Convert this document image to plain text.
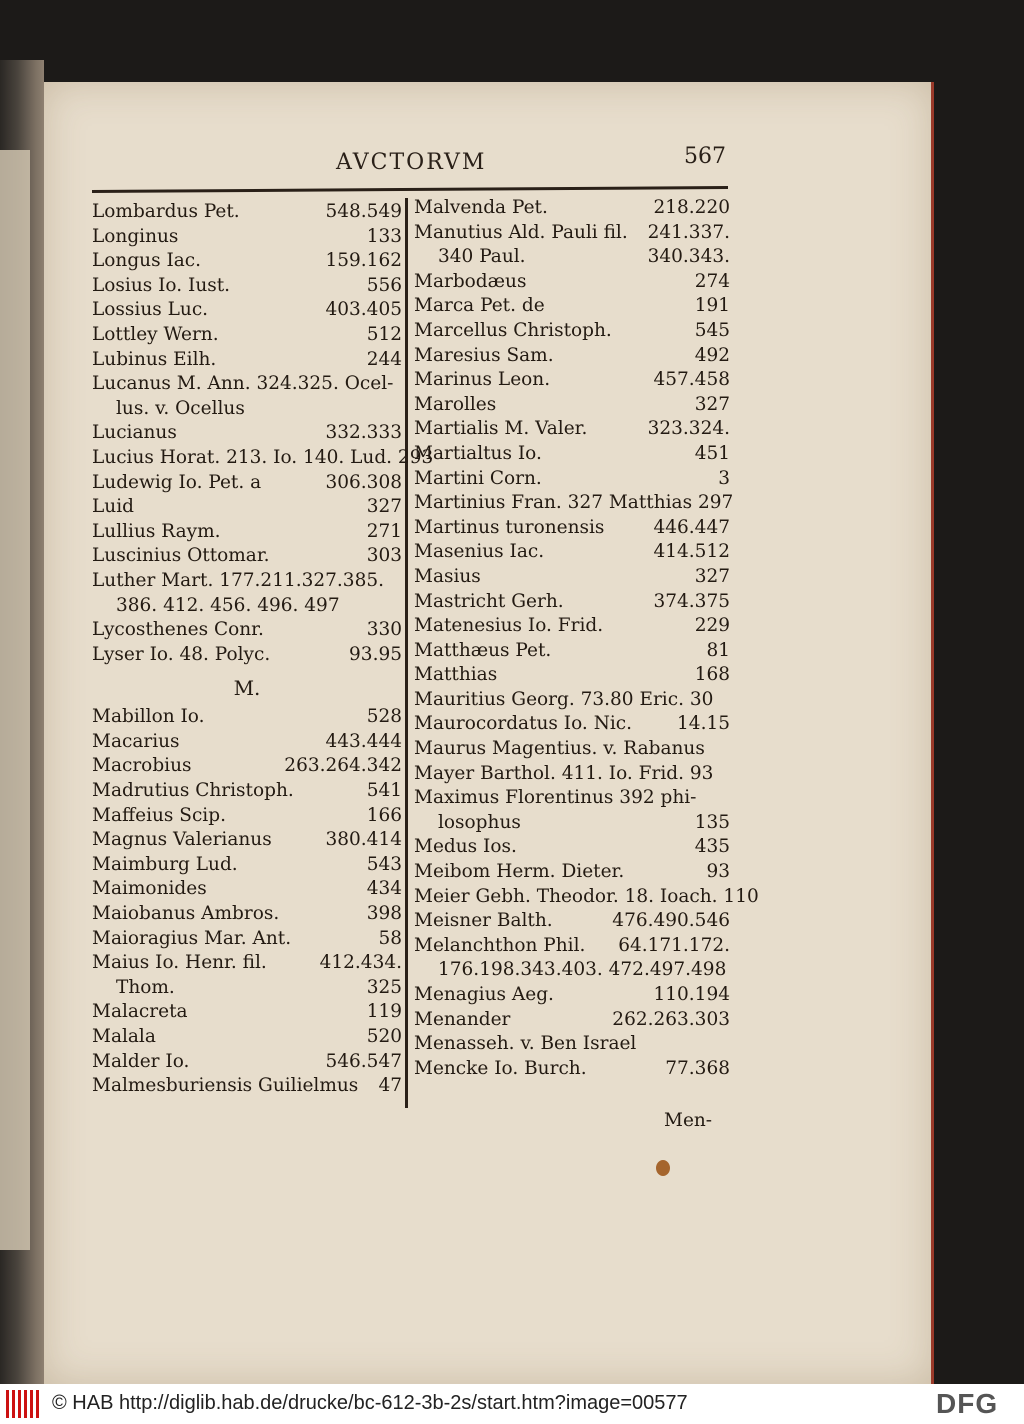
AVCTORVM	567
Lombardus Pet.	548.549
Longinus	133
Longus Iac.	159.162
Losius Io. Iust.	556
Lossius Luc.	403.405
Lottley Wern.	512
Lubinus Eilh.	244
Lucanus M. Ann. 324.325. Ocel-
lus. v. Ocellus
Lucianus	332.333
Lucius Horat. 213. Io. 140. Lud. 293
Ludewig Io. Pet. a	306.308
Luid	327
Lullius Raym.	271
Luscinius Ottomar.	303
Luther Mart. 177.211.327.385.
386. 412. 456. 496. 497
Lycosthenes Conr.	330
Lyser Io. 48. Polyc.	93.95
M.
Mabillon Io.	528
Macarius	443.444
Macrobius	263.264.342
Madrutius Christoph.	541
Maffeius Scip.	166
Magnus Valerianus	380.414
Maimburg Lud.	543
Maimonides	434
Maiobanus Ambros.	398
Maioragius Mar. Ant.	58
Maius Io. Henr. fil.	412.434.
Thom.	325
Malacreta	119
Malala	520
Malder Io.	546.547
Malmesburiensis Guilielmus 47
Malvenda Pet.	218.220
Manutius Ald. Pauli fil. 241.337.
340 Paul.	340.343.
Marbodæus	274
Marca Pet. de	191
Marcellus Christoph.	545
Maresius Sam.	492
Marinus Leon.	457.458
Marolles	327
Martialis M. Valer.	323.324.
Martialtus Io.	451
Martini Corn.	3
Martinius Fran. 327 Matthias 297
Martinus turonensis	446.447
Masenius Iac.	414.512
Masius	327
Mastricht Gerh.	374.375
Matenesius Io. Frid.	229
Matthæus Pet.	81
Matthias	168
Mauritius Georg. 73.80 Eric. 30
Maurocordatus Io. Nic. 14.15
Maurus Magentius. v. Rabanus
Mayer Barthol. 411. Io. Frid. 93
Maximus Florentinus 392 phi-
losophus	135
Medus Ios.	435
Meibom Herm. Dieter.	93
Meier Gebh. Theodor. 18. Ioach. 110
Meisner Balth.	476.490.546
Melanchthon Phil. 64.171.172.
176.198.343.403. 472.497.498
Menagius Aeg.	110.194
Menander	262.263.303
Menasseh. v. Ben Israel
Mencke Io. Burch.	77.368
Men-
© HAB http://diglib.hab.de/drucke/bc-612-3b-2s/start.htm?image=00577	DFG
